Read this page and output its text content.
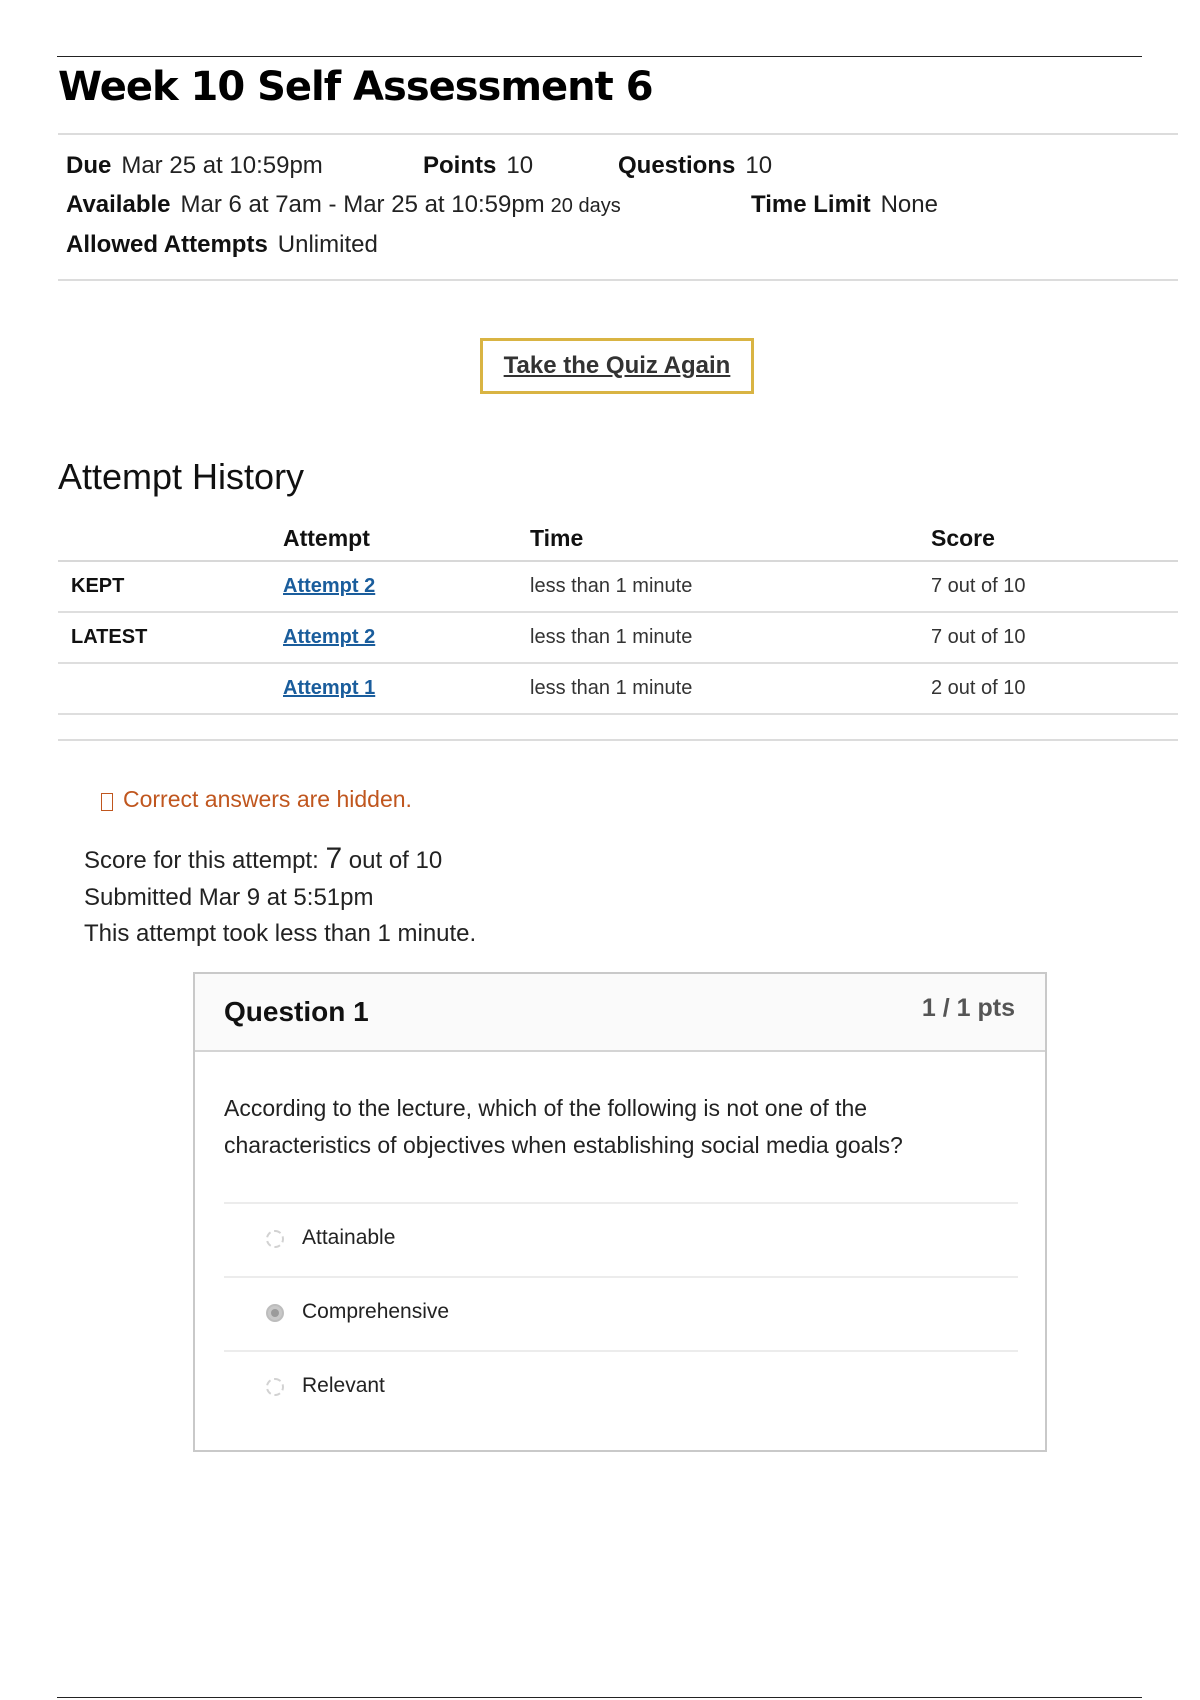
Week 10 Self Assessment 6
Due Mar 25 at 10:59pm	Points 10	Questions 10
Available Mar 6 at 7am - Mar 25 at 10:59pm 20 days	Time Limit None
Allowed Attempts Unlimited
Take the Quiz Again
Attempt History
	Attempt	Time	Score
KEPT	Attempt 2	less than 1 minute	7 out of 10
LATEST	Attempt 2	less than 1 minute	7 out of 10
	Attempt 1	less than 1 minute	2 out of 10
Correct answers are hidden.
Score for this attempt: 7 out of 10
Submitted Mar 9 at 5:51pm
This attempt took less than 1 minute.
Question 1	1 / 1 pts
According to the lecture, which of the following is not one of the characteristics of objectives when establishing social media goals?
Attainable
Comprehensive
Relevant
